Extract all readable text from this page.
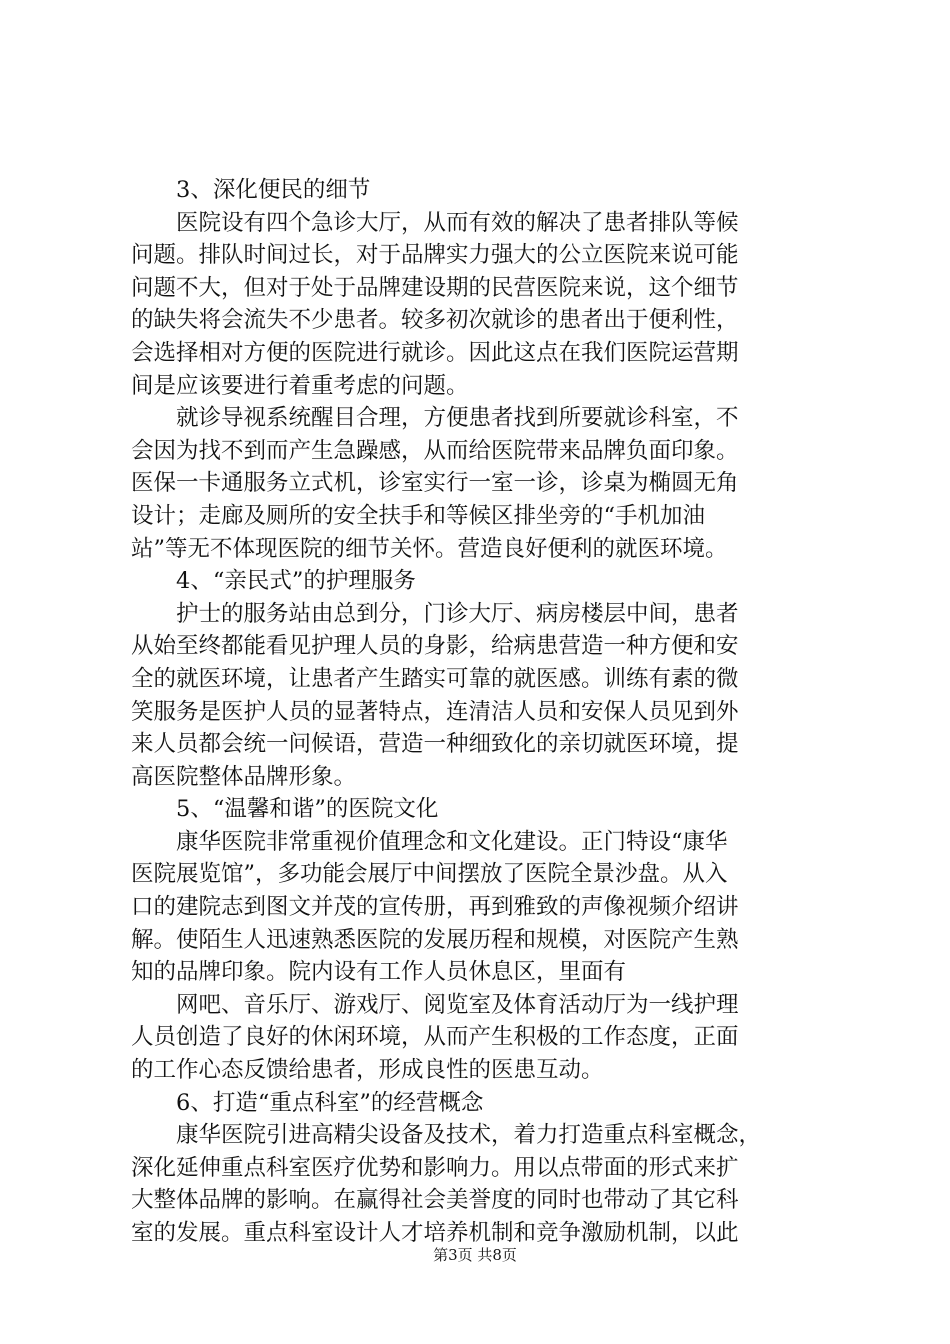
3、深化便民的细节
医院设有四个急诊大厅，从而有效的解决了患者排队等候
问题。排队时间过长，对于品牌实力强大的公立医院来说可能
问题不大，但对于处于品牌建设期的民营医院来说，这个细节
的缺失将会流失不少患者。较多初次就诊的患者出于便利性，
会选择相对方便的医院进行就诊。因此这点在我们医院运营期
间是应该要进行着重考虑的问题。
就诊导视系统醒目合理，方便患者找到所要就诊科室，不
会因为找不到而产生急躁感，从而给医院带来品牌负面印象。
医保一卡通服务立式机，诊室实行一室一诊，诊桌为椭圆无角
设计；走廊及厕所的安全扶手和等候区排坐旁的“手机加油
站”等无不体现医院的细节关怀。营造良好便利的就医环境。
4、“亲民式”的护理服务
护士的服务站由总到分，门诊大厅、病房楼层中间，患者
从始至终都能看见护理人员的身影，给病患营造一种方便和安
全的就医环境，让患者产生踏实可靠的就医感。训练有素的微
笑服务是医护人员的显著特点，连清洁人员和安保人员见到外
来人员都会统一问候语，营造一种细致化的亲切就医环境，提
高医院整体品牌形象。
5、“温馨和谐”的医院文化
康华医院非常重视价值理念和文化建设。正门特设“康华
医院展览馆”，多功能会展厅中间摆放了医院全景沙盘。从入
口的建院志到图文并茂的宣传册，再到雅致的声像视频介绍讲
解。使陌生人迅速熟悉医院的发展历程和规模，对医院产生熟
知的品牌印象。院内设有工作人员休息区，里面有
网吧、音乐厅、游戏厅、阅览室及体育活动厅为一线护理
人员创造了良好的休闲环境，从而产生积极的工作态度，正面
的工作心态反馈给患者，形成良性的医患互动。
6、打造“重点科室”的经营概念
康华医院引进高精尖设备及技术，着力打造重点科室概念，
深化延伸重点科室医疗优势和影响力。用以点带面的形式来扩
大整体品牌的影响。在赢得社会美誉度的同时也带动了其它科
室的发展。重点科室设计人才培养机制和竞争激励机制，以此
第3页 共8页
